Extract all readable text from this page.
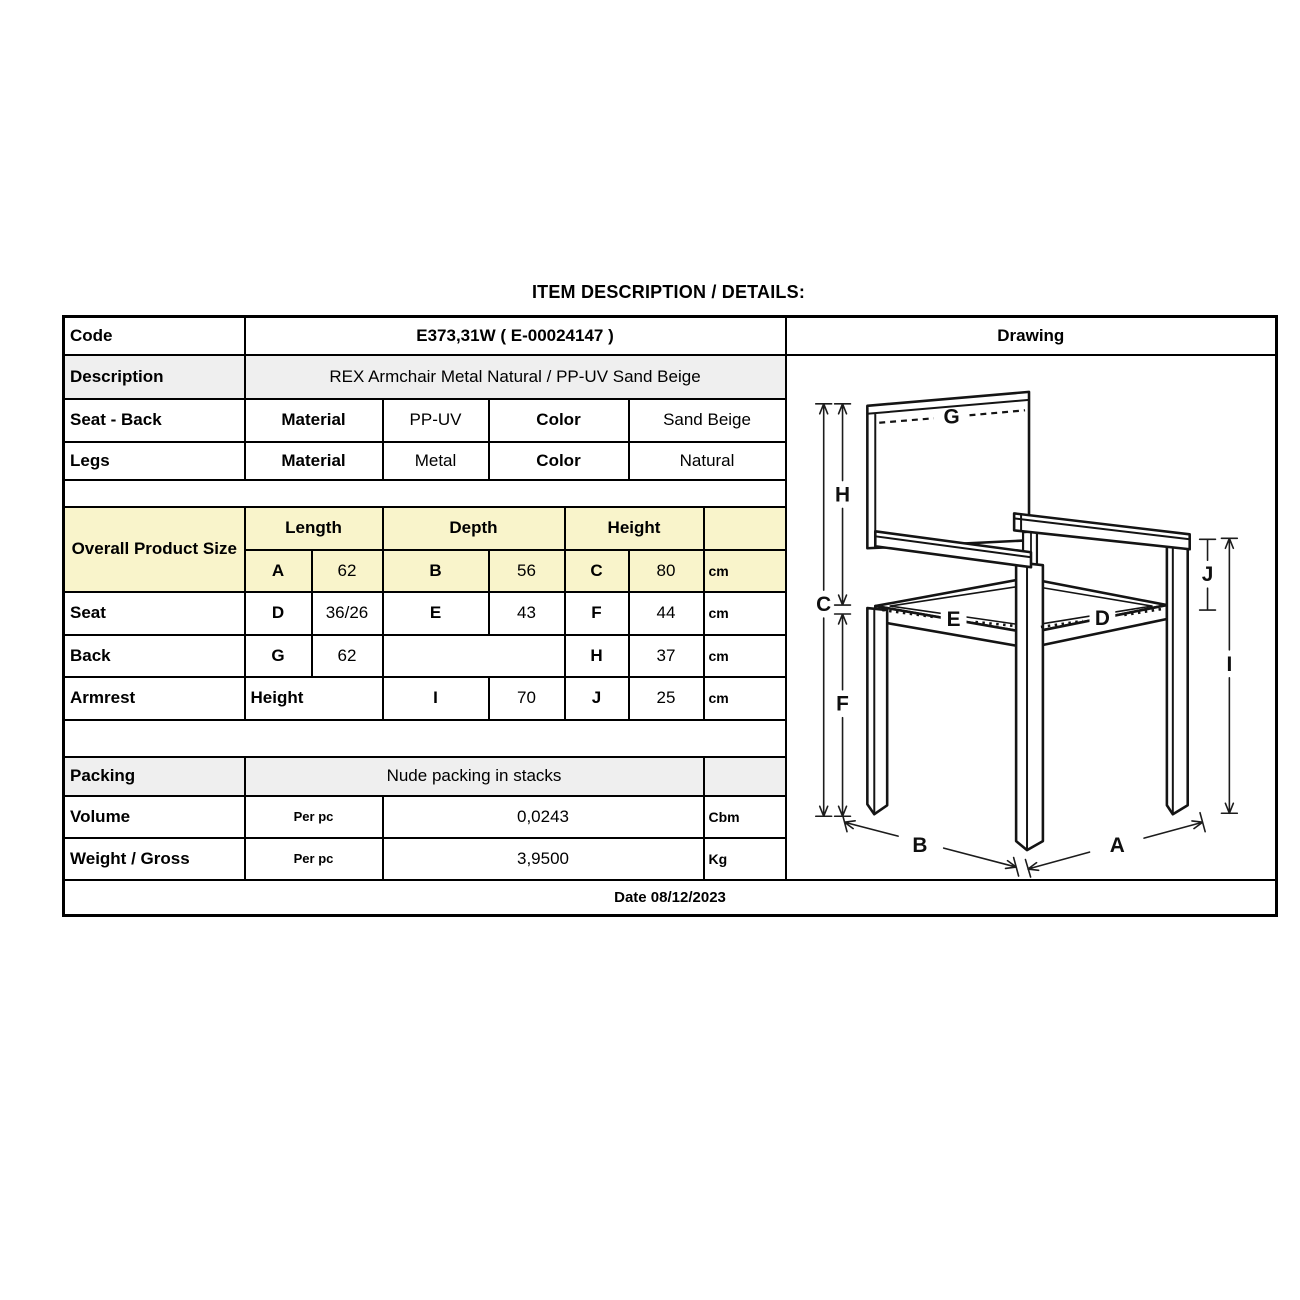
ITEM DESCRIPTION / DETAILS:
Code	E373,31W ( E-00024147 )							Drawing
Description	REX Armchair Metal Natural / PP-UV Sand Beige	
G
H
C
F
E	D
J
I
B	A

Seat - Back	Material		PP-UV	Color		Sand Beige		
Legs	Material		Metal	Color		Natural		

Overall Product Size	Length		Depth		Height			
	A	62	B	56	C	80	cm	
Seat	D	36/26	E	43	F	44	cm	
Back	G	62			H	37	cm	
Armrest	Height		I	70	J	25	cm	

Packing	Nude packing in stacks							
Volume	Per pc		0,0243				Cbm	
Weight / Gross	Per pc		3,9500				Kg	
Date 08/12/2023								
